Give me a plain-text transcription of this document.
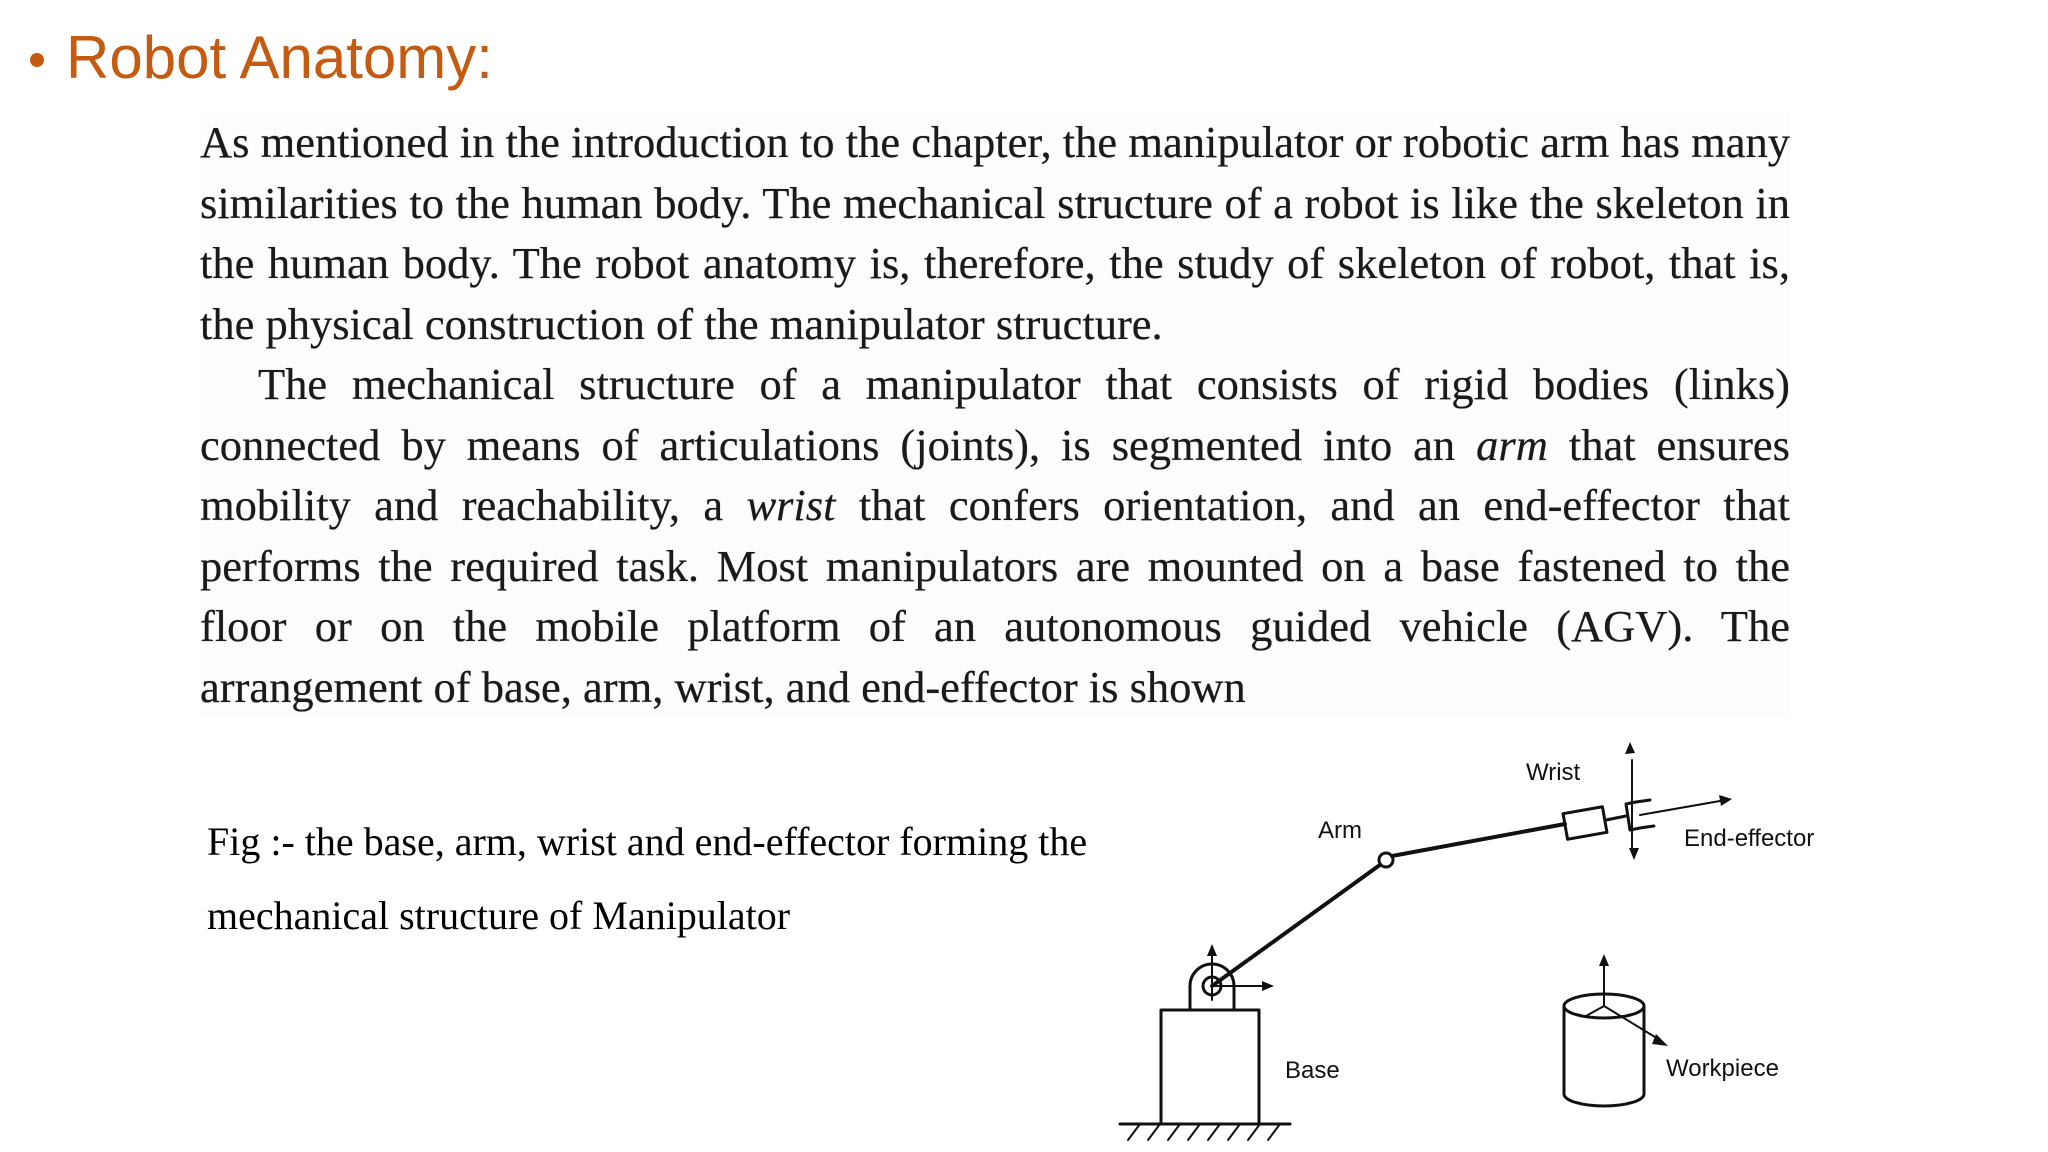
Robot Anatomy:

As mentioned in the introduction to the chapter, the manipulator or robotic arm has many similarities to the human body. The mechanical structure of a robot is like the skeleton in the human body. The robot anatomy is, therefore, the study of skeleton of robot, that is, the physical construction of the manipulator structure.

The mechanical structure of a manipulator that consists of rigid bodies (links) connected by means of articulations (joints), is segmented into an arm that ensures mobility and reachability, a wrist that confers orientation, and an end-effector that performs the required task. Most manipulators are mounted on a base fastened to the floor or on the mobile platform of an autonomous guided vehicle (AGV). The arrangement of base, arm, wrist, and end-effector is shown

Fig :- the base, arm, wrist and end-effector forming the
mechanical structure of Manipulator
Wrist
Arm	End-effector
Base	Workpiece
